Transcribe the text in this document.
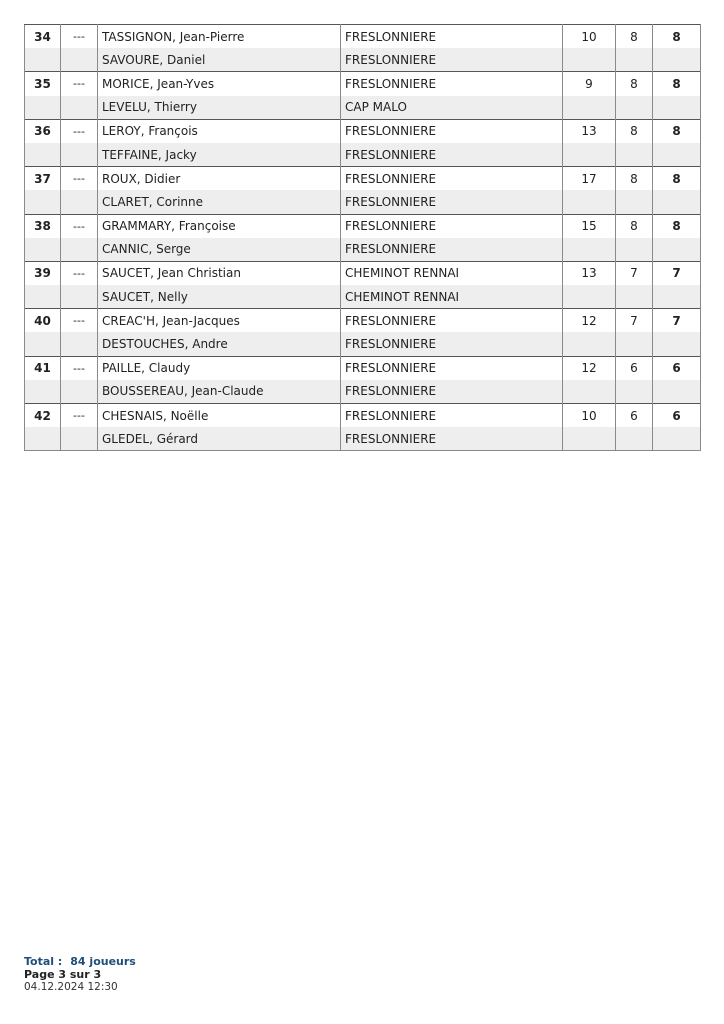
34	---	TASSIGNON, Jean-Pierre	FRESLONNIERE	10	8	8
		SAVOURE, Daniel	FRESLONNIERE			
35	---	MORICE, Jean-Yves	FRESLONNIERE	9	8	8
		LEVELU, Thierry	CAP MALO			
36	---	LEROY, François	FRESLONNIERE	13	8	8
		TEFFAINE, Jacky	FRESLONNIERE			
37	---	ROUX, Didier	FRESLONNIERE	17	8	8
		CLARET, Corinne	FRESLONNIERE			
38	---	GRAMMARY, Françoise	FRESLONNIERE	15	8	8
		CANNIC, Serge	FRESLONNIERE			
39	---	SAUCET, Jean Christian	CHEMINOT RENNAI	13	7	7
		SAUCET, Nelly	CHEMINOT RENNAI			
40	---	CREAC'H, Jean-Jacques	FRESLONNIERE	12	7	7
		DESTOUCHES, Andre	FRESLONNIERE			
41	---	PAILLE, Claudy	FRESLONNIERE	12	6	6
		BOUSSEREAU, Jean-Claude	FRESLONNIERE			
42	---	CHESNAIS, Noëlle	FRESLONNIERE	10	6	6
		GLEDEL, Gérard	FRESLONNIERE			
Total : 84 joueurs
Page 3 sur 3
04.12.2024 12:30
